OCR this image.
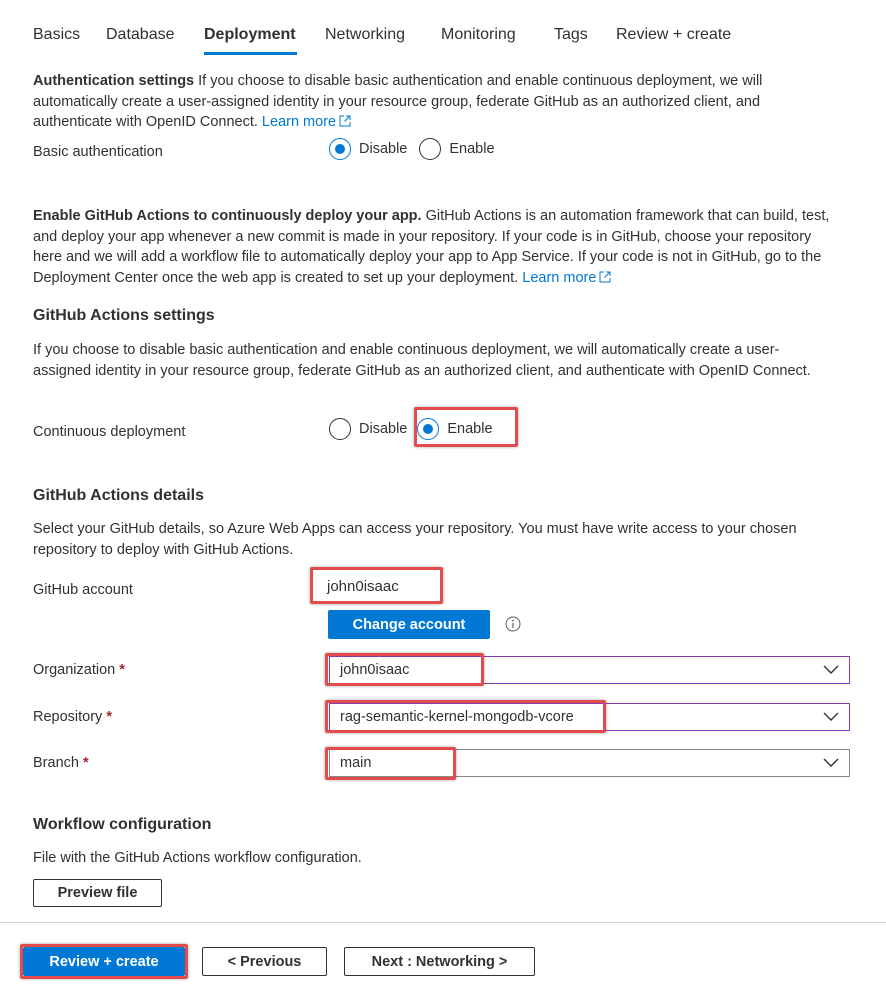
Basics Database Deployment Networking Monitoring Tags Review + create
Authentication settings If you choose to disable basic authentication and enable continuous deployment, we will automatically create a user-assigned identity in your resource group, federate GitHub as an authorized client, and authenticate with OpenID Connect. Learn more
Basic authentication	Disable	Enable
Enable GitHub Actions to continuously deploy your app. GitHub Actions is an automation framework that can build, test, and deploy your app whenever a new commit is made in your repository. If your code is in GitHub, choose your repository here and we will add a workflow file to automatically deploy your app to App Service. If your code is not in GitHub, go to the Deployment Center once the web app is created to set up your deployment. Learn more
GitHub Actions settings
If you choose to disable basic authentication and enable continuous deployment, we will automatically create a user-assigned identity in your resource group, federate GitHub as an authorized client, and authenticate with OpenID Connect.
Continuous deployment	Disable	Enable
GitHub Actions details
Select your GitHub details, so Azure Web Apps can access your repository. You must have write access to your chosen repository to deploy with GitHub Actions.
GitHub account	john0isaac
Change account
Organization *	john0isaac
Repository *	rag-semantic-kernel-mongodb-vcore
Branch *	main
Workflow configuration
File with the GitHub Actions workflow configuration.
Preview file
Review + create	< Previous	Next : Networking >
